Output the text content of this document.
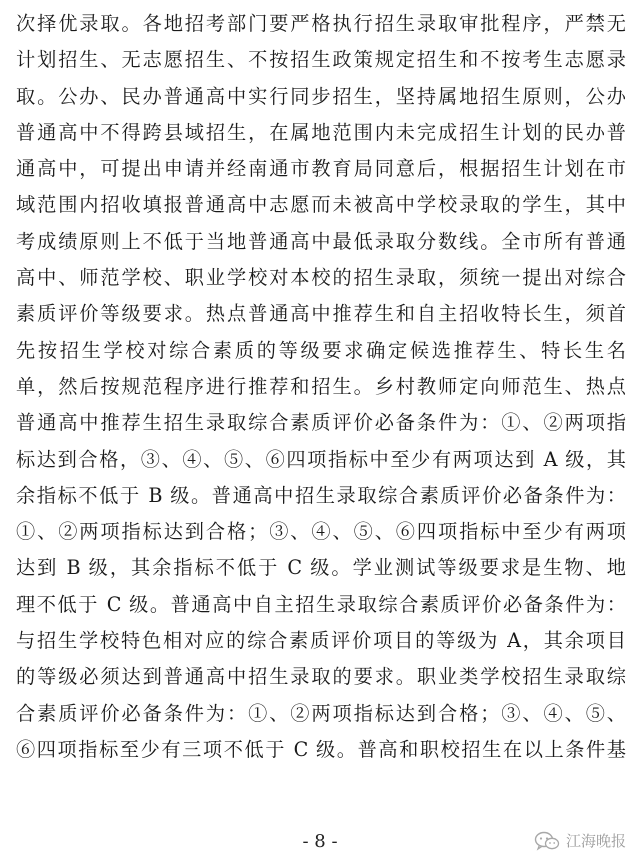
次择优录取。各地招考部门要严格执行招生录取审批程序，严禁无
计划招生、无志愿招生、不按招生政策规定招生和不按考生志愿录
取。公办、民办普通高中实行同步招生，坚持属地招生原则，公办
普通高中不得跨县域招生，在属地范围内未完成招生计划的民办普
通高中，可提出申请并经南通市教育局同意后，根据招生计划在市
域范围内招收填报普通高中志愿而未被高中学校录取的学生，其中
考成绩原则上不低于当地普通高中最低录取分数线。全市所有普通
高中、师范学校、职业学校对本校的招生录取，须统一提出对综合
素质评价等级要求。热点普通高中推荐生和自主招收特长生，须首
先按招生学校对综合素质的等级要求确定候选推荐生、特长生名
单，然后按规范程序进行推荐和招生。乡村教师定向师范生、热点
普通高中推荐生招生录取综合素质评价必备条件为：①、②两项指
标达到合格，③、④、⑤、⑥四项指标中至少有两项达到 A 级，其
余指标不低于 B 级。普通高中招生录取综合素质评价必备条件为：
①、②两项指标达到合格；③、④、⑤、⑥四项指标中至少有两项
达到 B 级，其余指标不低于 C 级。学业测试等级要求是生物、地
理不低于 C 级。普通高中自主招生录取综合素质评价必备条件为：
与招生学校特色相对应的综合素质评价项目的等级为 A，其余项目
的等级必须达到普通高中招生录取的要求。职业类学校招生录取综
合素质评价必备条件为：①、②两项指标达到合格；③、④、⑤、
⑥四项指标至少有三项不低于 C 级。普高和职校招生在以上条件基
- 8 -	江海晚报
